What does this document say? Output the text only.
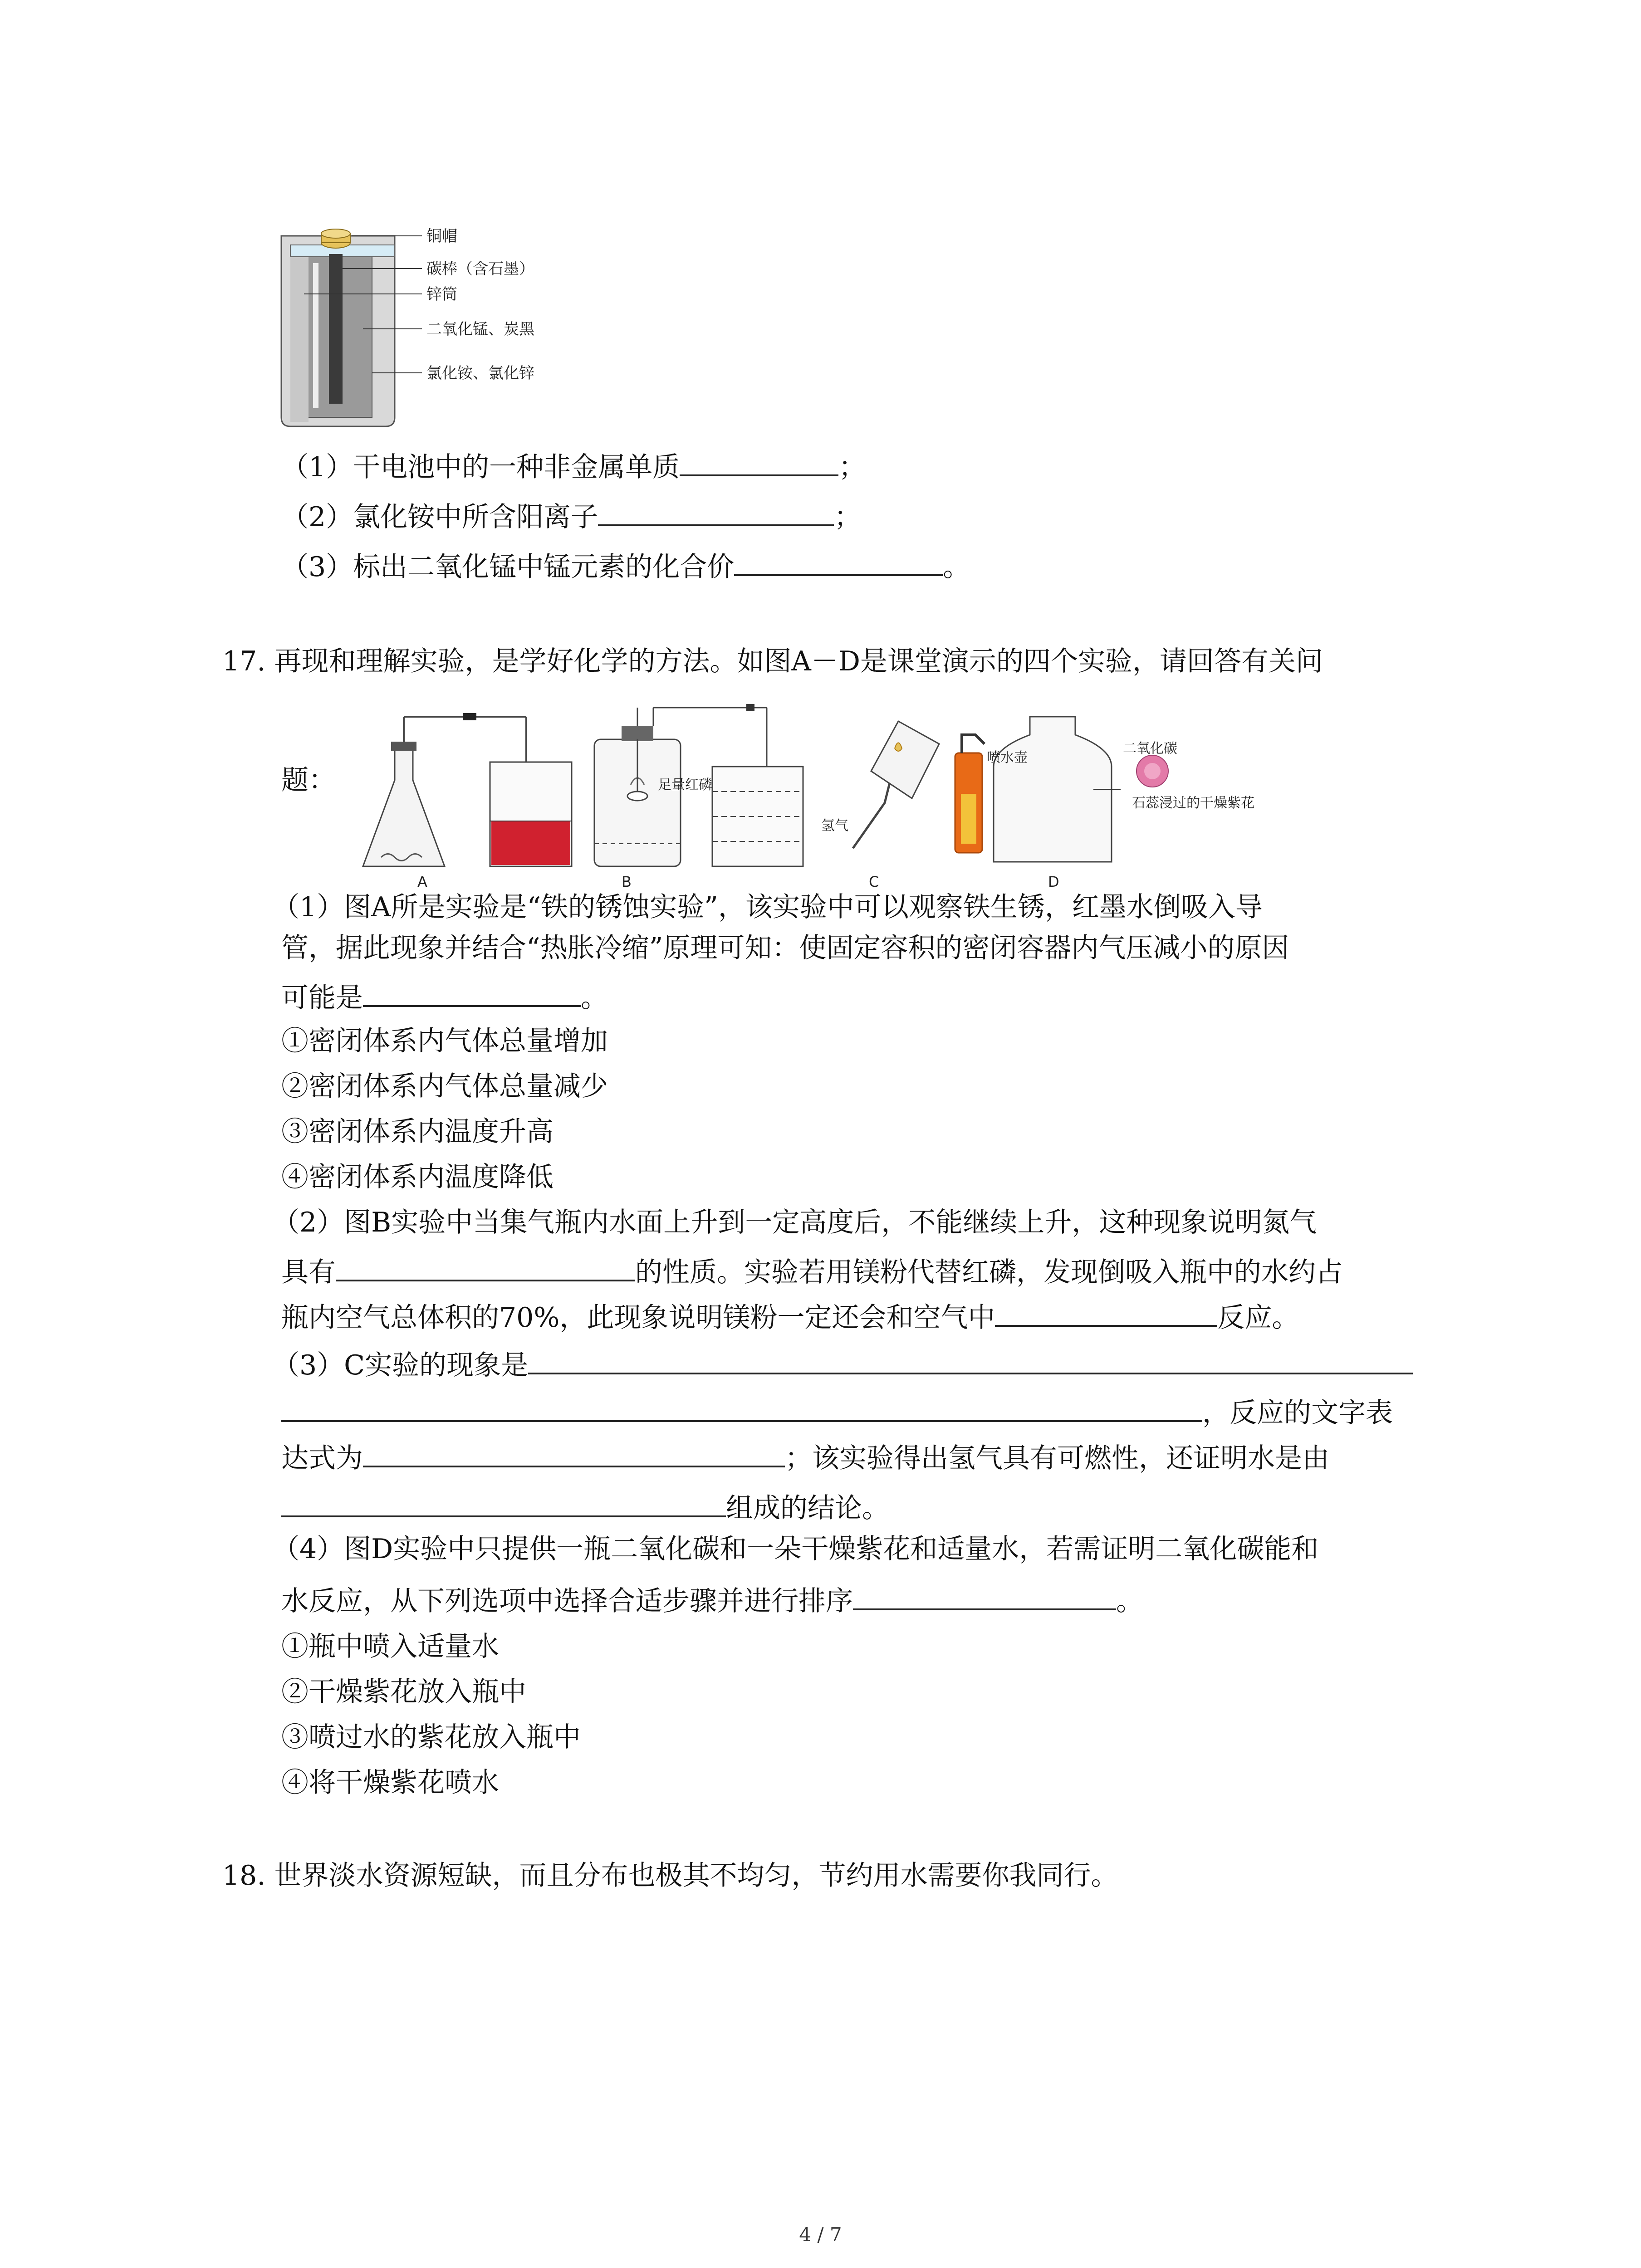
铜帽
碳棒（含石墨）
锌筒
二氧化锰、炭黑
氯化铵、氯化锌
（1）干电池中的一种非金属单质	；
（2）氯化铵中所含阳离子	；
（3）标出二氧化锰中锰元素的化合价	。
17. 再现和理解实验，是学好化学的方法。如图A－D是课堂演示的四个实验，请回答有关问
题：
A
足量红磷
B
氢气
C
喷水壶
二氧化碳
石蕊浸过的干燥紫花
D
（1）图A所是实验是“铁的锈蚀实验”，该实验中可以观察铁生锈，红墨水倒吸入导
管，据此现象并结合“热胀冷缩”原理可知：使固定容积的密闭容器内气压减小的原因
可能是	。
①密闭体系内气体总量增加
②密闭体系内气体总量减少
③密闭体系内温度升高
④密闭体系内温度降低
（2）图B实验中当集气瓶内水面上升到一定高度后，不能继续上升，这种现象说明氮气
具有	的性质。实验若用镁粉代替红磷，发现倒吸入瓶中的水约占
瓶内空气总体积的70%，此现象说明镁粉一定还会和空气中	反应。
（3）C实验的现象是
，反应的文字表
达式为	；该实验得出氢气具有可燃性，还证明水是由
组成的结论。
（4）图D实验中只提供一瓶二氧化碳和一朵干燥紫花和适量水，若需证明二氧化碳能和
水反应，从下列选项中选择合适步骤并进行排序	。
①瓶中喷入适量水
②干燥紫花放入瓶中
③喷过水的紫花放入瓶中
④将干燥紫花喷水
18. 世界淡水资源短缺，而且分布也极其不均匀，节约用水需要你我同行。
4 / 7
